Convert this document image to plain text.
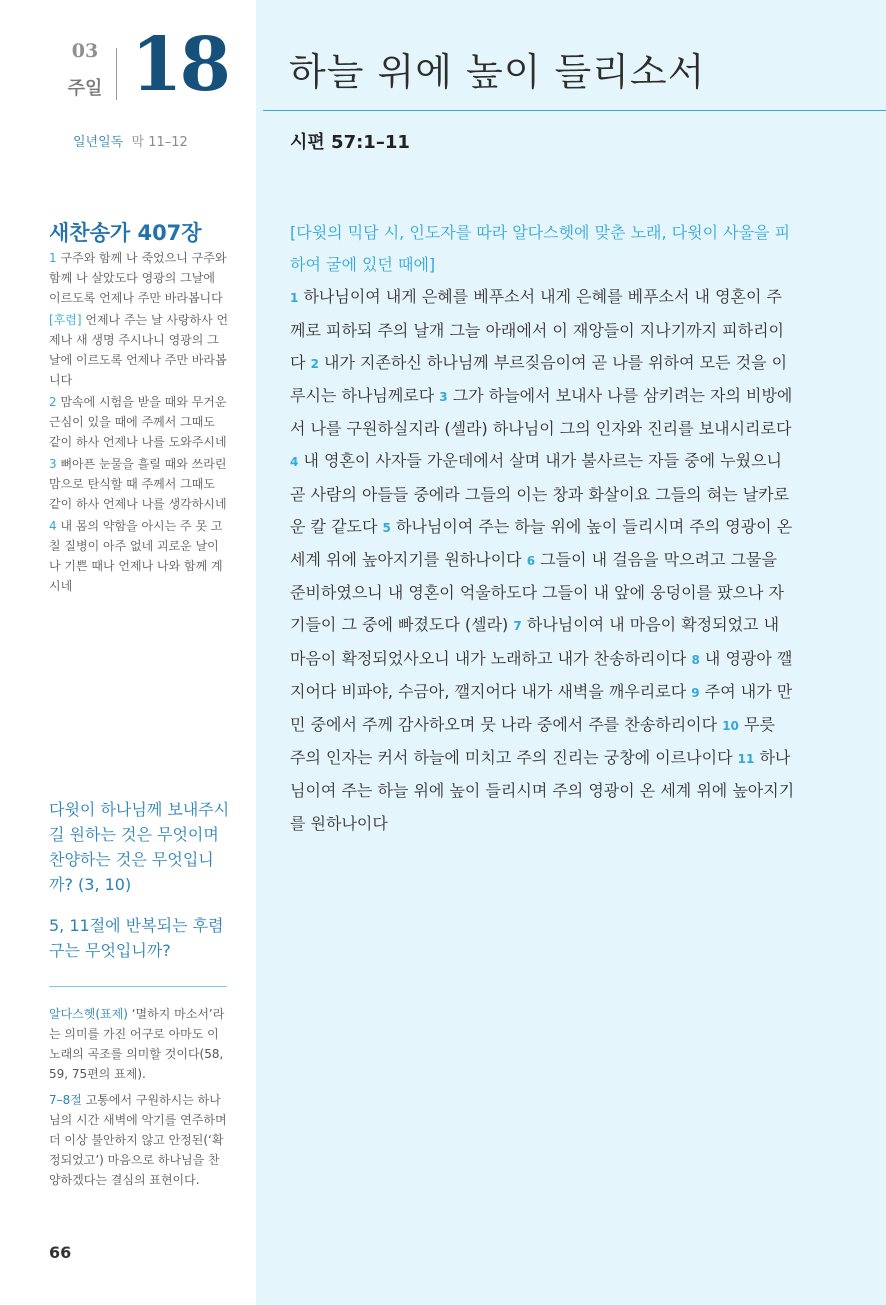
03
주일 18
일년일독 막 11–12
하늘 위에 높이 들리소서
시편 57:1–11
새찬송가 407장

1 구주와 함께 나 죽었으니 구주와 함께 나 살았도다 영광의 그날에 이르도록 언제나 주만 바라봅니다

[후렴] 언제나 주는 날 사랑하사 언제나 새 생명 주시나니 영광의 그날에 이르도록 언제나 주만 바라봅니다

2 맘속에 시험을 받을 때와 무거운 근심이 있을 때에 주께서 그때도 같이 하사 언제나 나를 도와주시네

3 뼈아픈 눈물을 흘릴 때와 쓰라린 맘으로 탄식할 때 주께서 그때도 같이 하사 언제나 나를 생각하시네

4 내 몸의 약함을 아시는 주 못 고칠 질병이 아주 없네 괴로운 날이나 기쁜 때나 언제나 나와 함께 계시네

다윗이 하나님께 보내주시길 원하는 것은 무엇이며 찬양하는 것은 무엇입니까? (3, 10)
5, 11절에 반복되는 후렴구는 무엇입니까?

알다스헷(표제) ‘멸하지 마소서’라는 의미를 가진 어구로 아마도 이 노래의 곡조를 의미할 것이다(58, 59, 75편의 표제).

7–8절 고통에서 구원하시는 하나님의 시간 새벽에 악기를 연주하며 더 이상 불안하지 않고 안정된(‘확정되었고’) 마음으로 하나님을 찬양하겠다는 결심의 표현이다.

66
[다윗의 믹담 시, 인도자를 따라 알다스헷에 맞춘 노래, 다윗이 사울을 피하여 굴에 있던 때에]
1 하나님이여 내게 은혜를 베푸소서 내게 은혜를 베푸소서 내 영혼이 주께로 피하되 주의 날개 그늘 아래에서 이 재앙들이 지나기까지 피하리이다 2 내가 지존하신 하나님께 부르짖음이여 곧 나를 위하여 모든 것을 이루시는 하나님께로다 3 그가 하늘에서 보내사 나를 삼키려는 자의 비방에서 나를 구원하실지라 (셀라) 하나님이 그의 인자와 진리를 보내시리로다 4 내 영혼이 사자들 가운데에서 살며 내가 불사르는 자들 중에 누웠으니 곧 사람의 아들들 중에라 그들의 이는 창과 화살이요 그들의 혀는 날카로운 칼 같도다 5 하나님이여 주는 하늘 위에 높이 들리시며 주의 영광이 온 세계 위에 높아지기를 원하나이다 6 그들이 내 걸음을 막으려고 그물을 준비하였으니 내 영혼이 억울하도다 그들이 내 앞에 웅덩이를 팠으나 자기들이 그 중에 빠졌도다 (셀라) 7 하나님이여 내 마음이 확정되었고 내 마음이 확정되었사오니 내가 노래하고 내가 찬송하리이다 8 내 영광아 깰지어다 비파야, 수금아, 깰지어다 내가 새벽을 깨우리로다 9 주여 내가 만민 중에서 주께 감사하오며 뭇 나라 중에서 주를 찬송하리이다 10 무릇 주의 인자는 커서 하늘에 미치고 주의 진리는 궁창에 이르나이다 11 하나님이여 주는 하늘 위에 높이 들리시며 주의 영광이 온 세계 위에 높아지기를 원하나이다
